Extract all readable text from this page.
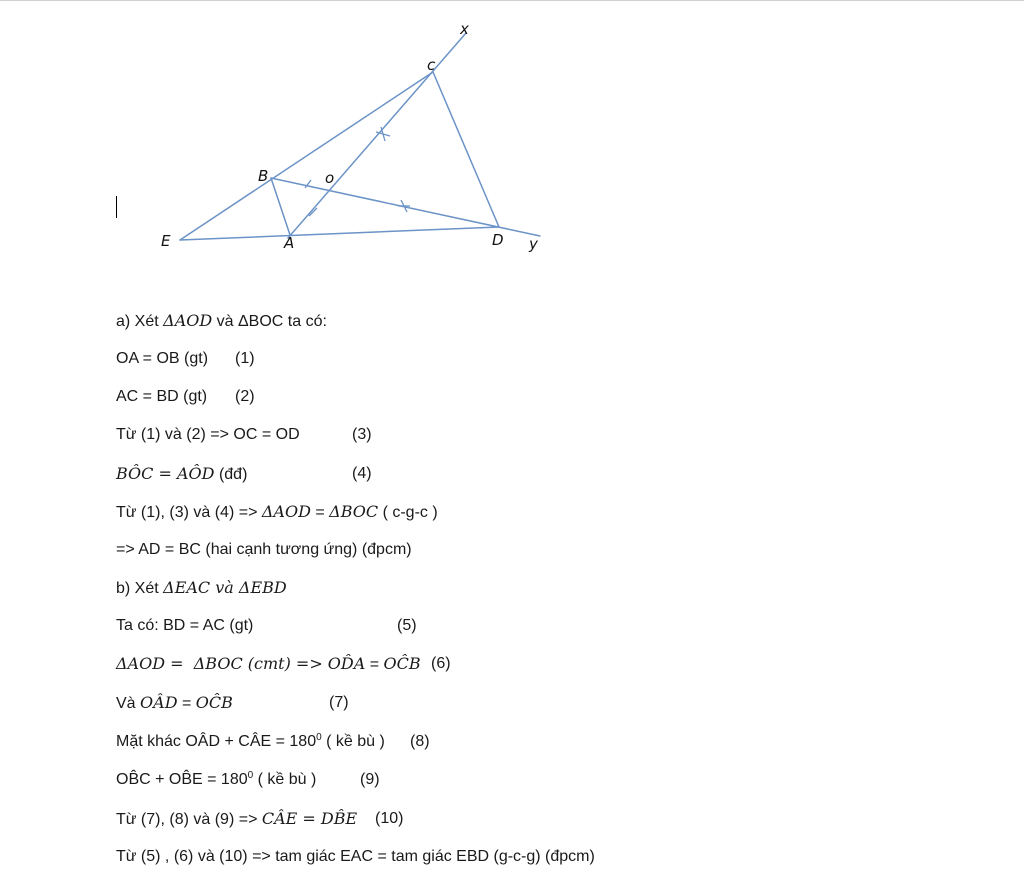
x
c
B	o
E	A	D y
a) Xét ΔAOD và ΔBOC ta có:
OA = OB (gt) (1)
AC = BD (gt) (2)
Từ (1) và (2) => OC = OD	(3)
BÔC = AÔD (đđ)	(4)
Từ (1), (3) và (4) => ΔAOD = ΔBOC ( c-g-c )
=> AD = BC (hai cạnh tương ứng) (đpcm)
b) Xét ΔEAC và ΔEBD
Ta có: BD = AC (gt)	(5)
ΔAOD =  ΔBOC (cmt) => OD̂A = OĈB (6)
Và OÂD = OĈB	(7)
Mặt khác OÂD + CÂE = $180^0$ ( kề bù ) (8)
OB̂C + OB̂E = $180^0$ ( kề bù )	(9)
Từ (7), (8) và (9) => CÂE = DB̂E (10)
Từ (5) , (6) và (10) => tam giác EAC = tam giác EBD (g-c-g) (đpcm)
